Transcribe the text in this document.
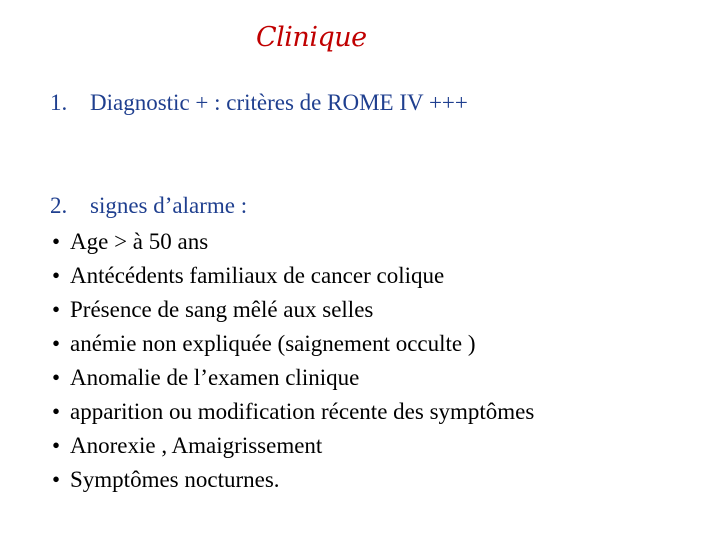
Clinique
1. Diagnostic + : critères de ROME IV +++
2. signes d’alarme :
• Age > à 50 ans
• Antécédents familiaux de cancer colique
• Présence de sang mêlé aux selles
• anémie non expliquée (saignement occulte )
• Anomalie de l’examen clinique
• apparition ou modification récente des symptômes
• Anorexie , Amaigrissement
• Symptômes nocturnes.
